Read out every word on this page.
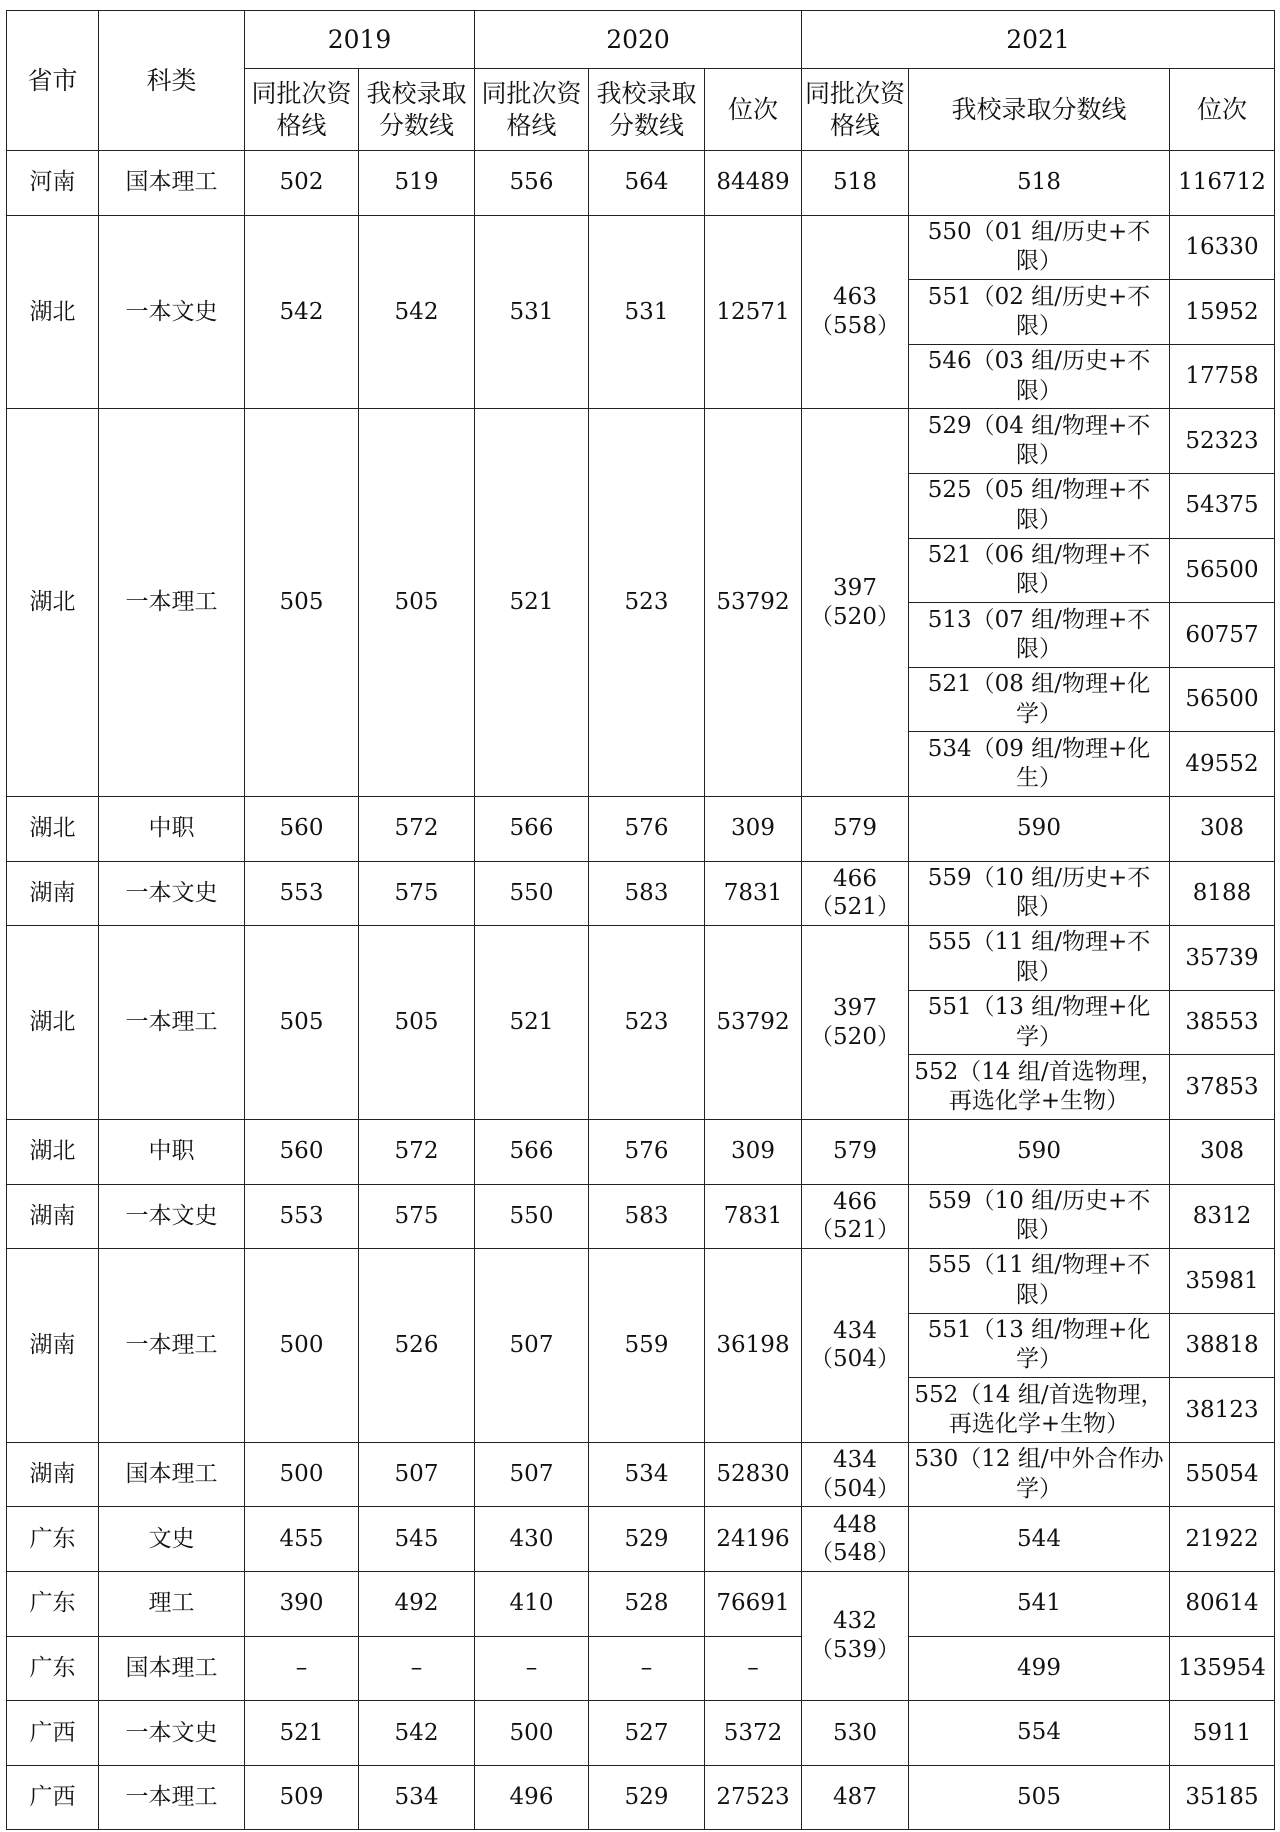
省市	科类	2019		2020			2021		
		同批次资格线	我校录取分数线	同批次资格线	我校录取分数线	位次	同批次资格线	我校录取分数线	位次
河南	国本理工	502	519	556	564	84489	518	518	116712
湖北	一本文史	542	542	531	531	12571	463（558）	550（01 组/历史+不限）	16330
								551（02 组/历史+不限）	15952
								546（03 组/历史+不限）	17758
湖北	一本理工	505	505	521	523	53792	397（520）	529（04 组/物理+不限）	52323
								525（05 组/物理+不限）	54375
								521（06 组/物理+不限）	56500
								513（07 组/物理+不限）	60757
								521（08 组/物理+化学）	56500
								534（09 组/物理+化生）	49552
湖北	中职	560	572	566	576	309	579	590	308
湖南	一本文史	553	575	550	583	7831	466（521）	559（10 组/历史+不限）	8188
湖北	一本理工	505	505	521	523	53792	397（520）	555（11 组/物理+不限）	35739
								551（13 组/物理+化学）	38553
								552（14 组/首选物理，再选化学+生物）	37853
湖北	中职	560	572	566	576	309	579	590	308
湖南	一本文史	553	575	550	583	7831	466（521）	559（10 组/历史+不限）	8312
湖南	一本理工	500	526	507	559	36198	434（504）	555（11 组/物理+不限）	35981
								551（13 组/物理+化学）	38818
								552（14 组/首选物理，再选化学+生物）	38123
湖南	国本理工	500	507	507	534	52830	434（504）	530（12 组/中外合作办学）	55054
广东	文史	455	545	430	529	24196	448（548）	544	21922
广东	理工	390	492	410	528	76691	432（539）	541	80614
广东	国本理工	–	–	–	–	–		499	135954
广西	一本文史	521	542	500	527	5372	530	554	5911
广西	一本理工	509	534	496	529	27523	487	505	35185
